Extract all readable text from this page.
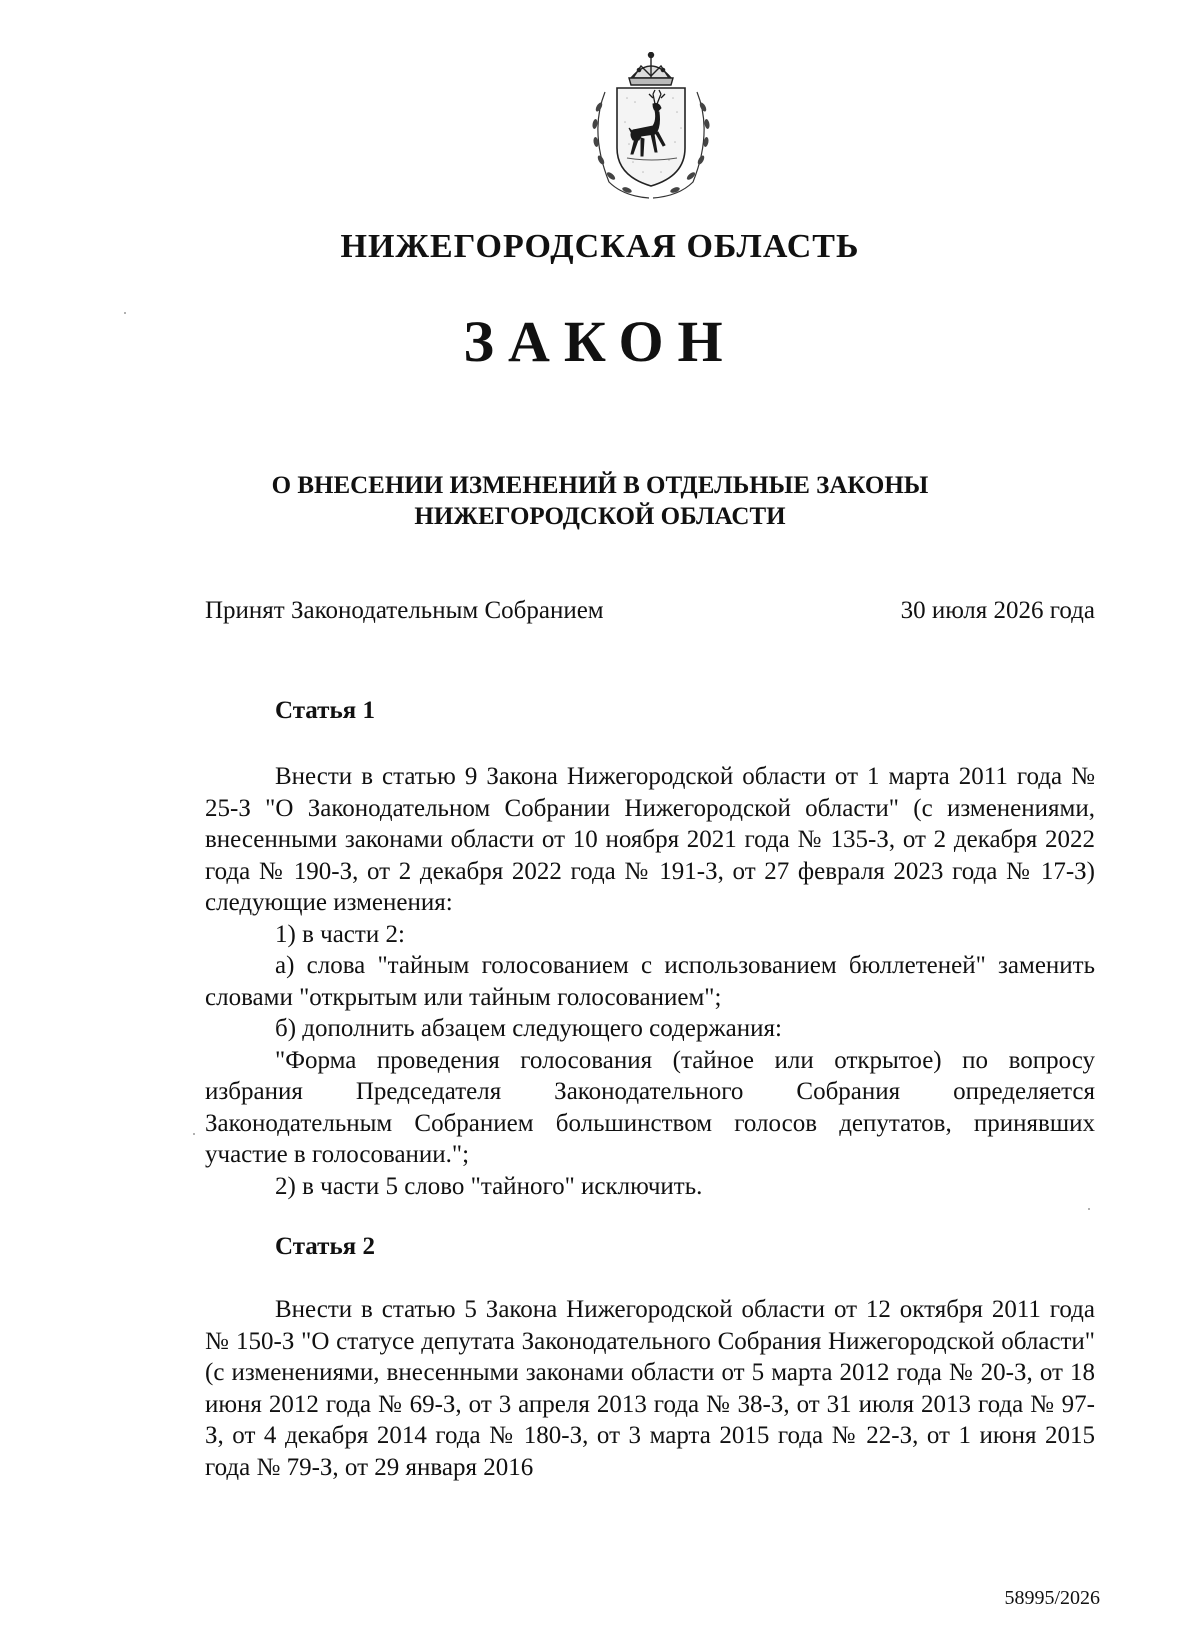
НИЖЕГОРОДСКАЯ ОБЛАСТЬ
ЗАКОН
О ВНЕСЕНИИ ИЗМЕНЕНИЙ В ОТДЕЛЬНЫЕ ЗАКОНЫ
НИЖЕГОРОДСКОЙ ОБЛАСТИ
Принят Законодательным Собранием	30 июля 2026 года
Статья 1

Внести в статью 9 Закона Нижегородской области от 1 марта 2011 года № 25-З "О Законодательном Собрании Нижегородской области" (с изменениями, внесенными законами области от 10 ноября 2021 года № 135-З, от 2 декабря 2022 года № 190-З, от 2 декабря 2022 года № 191-З, от 27 февраля 2023 года № 17-З) следующие изменения:

1) в части 2:

а) слова "тайным голосованием с использованием бюллетеней" заменить словами "открытым или тайным голосованием";

б) дополнить абзацем следующего содержания:

"Форма проведения голосования (тайное или открытое) по вопросу избрания Председателя Законодательного Собрания определяется Законодательным Собранием большинством голосов депутатов, принявших участие в голосовании.";

2) в части 5 слово "тайного" исключить.

Статья 2

Внести в статью 5 Закона Нижегородской области от 12 октября 2011 года № 150-З "О статусе депутата Законодательного Собрания Нижегородской области" (с изменениями, внесенными законами области от 5 марта 2012 года № 20-З, от 18 июня 2012 года № 69-З, от 3 апреля 2013 года № 38-З, от 31 июля 2013 года № 97-З, от 4 декабря 2014 года № 180-З, от 3 марта 2015 года № 22-З, от 1 июня 2015 года № 79-З, от 29 января 2016

58995/2026
